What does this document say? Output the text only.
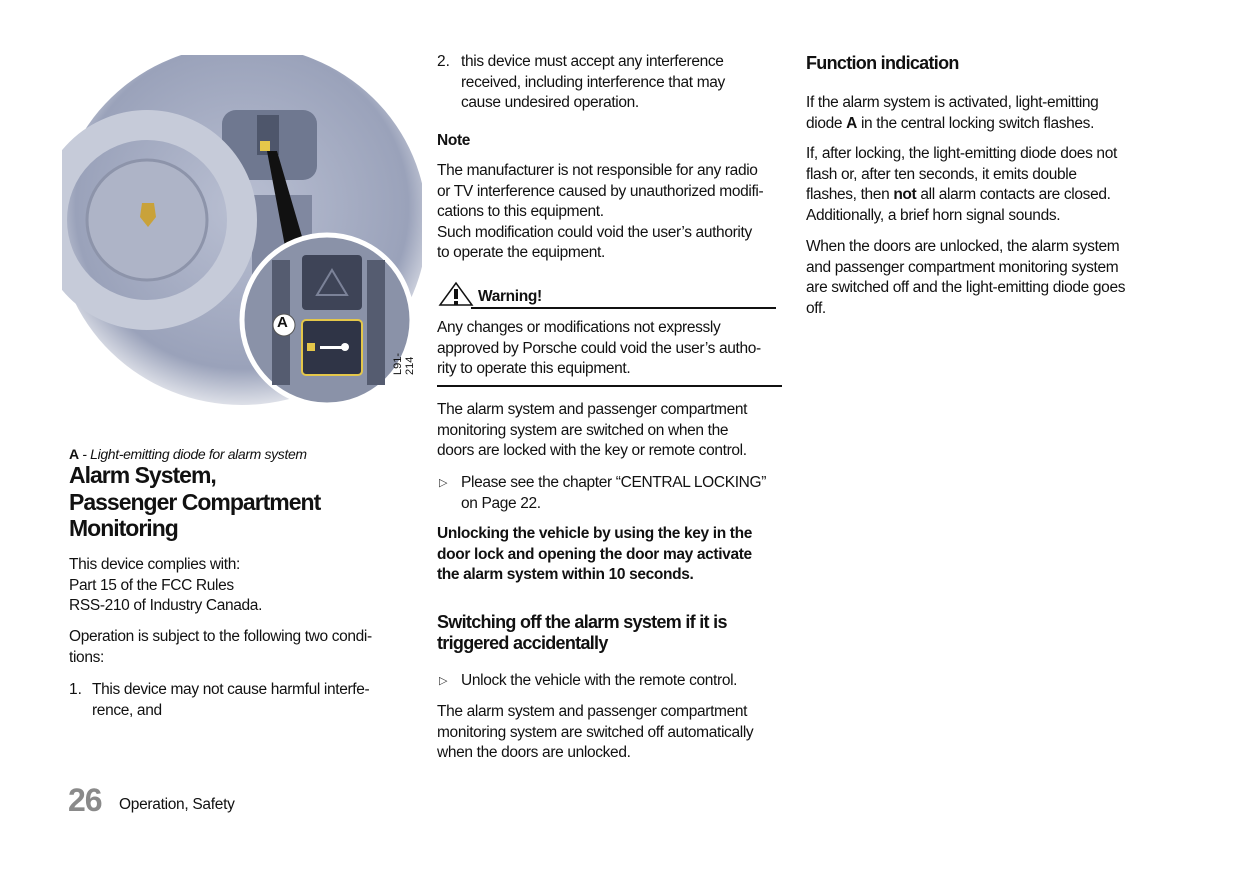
A
L91-214

A - Light-emitting diode for alarm system

Alarm System,
Passenger Compartment
Monitoring
This device complies with:
Part 15 of the FCC Rules
RSS-210 of Industry Canada.
Operation is subject to the following two condi-
tions:
1. This device may not cause harmful interfe-
rence, and
2. this device must accept any interference
received, including interference that may
cause undesired operation.
Note
The manufacturer is not responsible for any radio
or TV interference caused by unauthorized modifi-
cations to this equipment.
Such modification could void the user’s authority
to operate the equipment.
Warning!
Any changes or modifications not expressly
approved by Porsche could void the user’s autho-
rity to operate this equipment.
The alarm system and passenger compartment
monitoring system are switched on when the
doors are locked with the key or remote control.
▷ Please see the chapter “CENTRAL LOCKING”
on Page 22.
Unlocking the vehicle by using the key in the
door lock and opening the door may activate
the alarm system within 10 seconds.
Switching off the alarm system if it is
triggered accidentally
▷ Unlock the vehicle with the remote control.
The alarm system and passenger compartment
monitoring system are switched off automatically
when the doors are unlocked.
Function indication
If the alarm system is activated, light-emitting
diode A in the central locking switch flashes.
If, after locking, the light-emitting diode does not
flash or, after ten seconds, it emits double
flashes, then not all alarm contacts are closed.
Additionally, a brief horn signal sounds.
When the doors are unlocked, the alarm system
and passenger compartment monitoring system
are switched off and the light-emitting diode goes
off.
26 Operation, Safety
